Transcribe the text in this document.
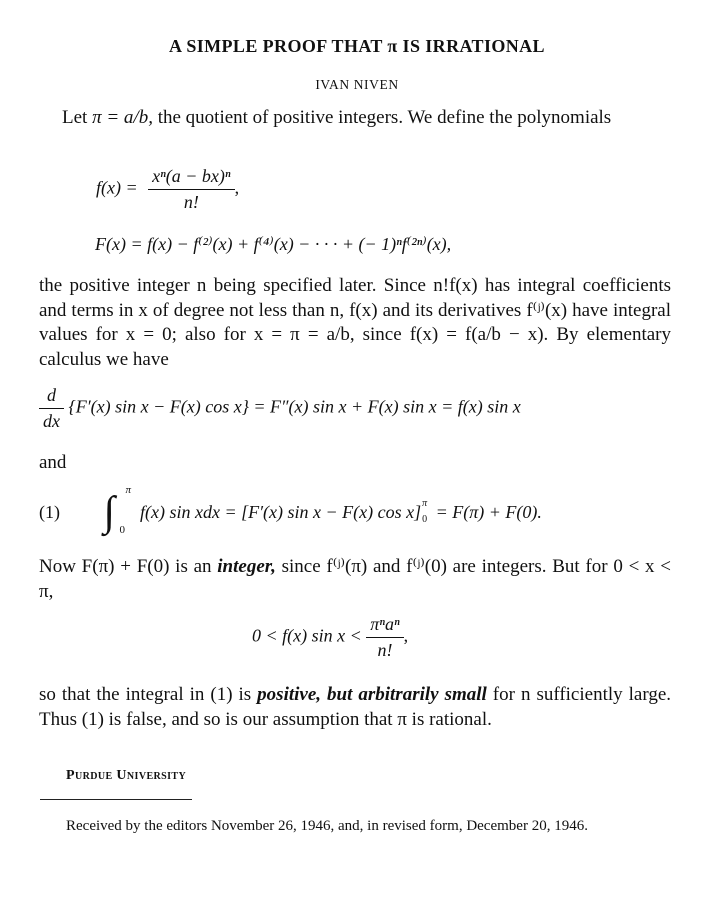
A SIMPLE PROOF THAT π IS IRRATIONAL
IVAN NIVEN
Let π = a/b, the quotient of positive integers. We define the polynomials
$f(x) = \frac{\text{xⁿ(a − bx)ⁿ}}{n!}$ ,
F(x) = f(x) − f⁽²⁾(x) + f⁽⁴⁾(x) − · · · + (− 1)ⁿf⁽²ⁿ⁾(x),
the positive integer n being specified later. Since n!f(x) has integral coefficients and terms in x of degree not less than n, f(x) and its derivatives f⁽ʲ⁾(x) have integral values for x = 0; also for x = π = a/b, since f(x) = f(a/b − x). By elementary calculus we have
$\frac{d}{dx} \{F'(x)$ sin x − F(x) cos x} = F″(x) sin x + F(x) sin x = f(x) sin x
and
(1) ∫ π
0
f(x) sin xdx = [F′(x) sin x − F(x) cos x] π
0 = F(π) + F(0).
Now F(π) + F(0) is an integer, since f⁽ʲ⁾(π) and f⁽ʲ⁾(0) are integers. But for 0 < x < π,
0 < f(x) $\sin x < \frac{\text{πⁿaⁿ}}{n!}$ ,
so that the integral in (1) is positive, but arbitrarily small for n sufficiently large. Thus (1) is false, and so is our assumption that π is rational.
Purdue University
Received by the editors November 26, 1946, and, in revised form, December 20, 1946.
